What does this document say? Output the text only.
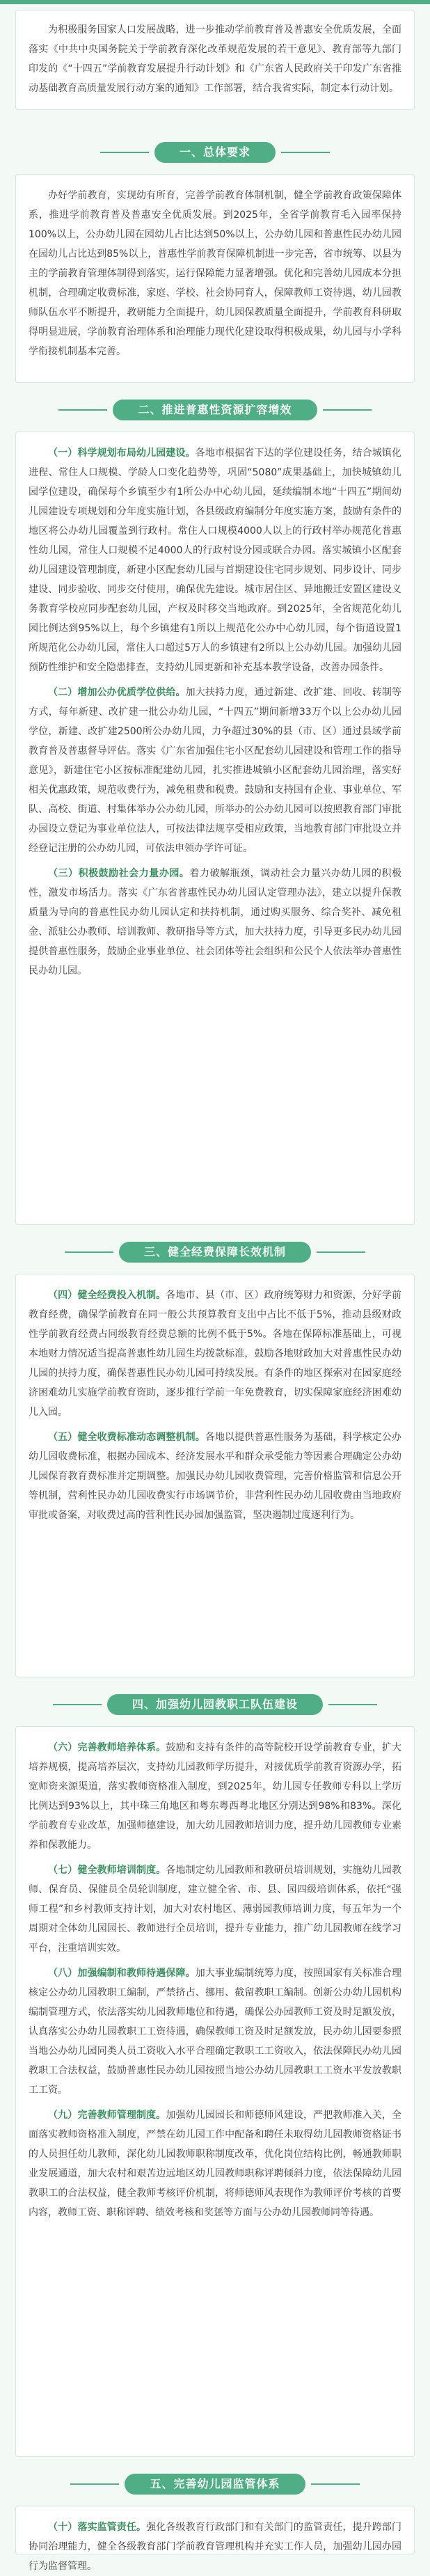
为积极服务国家人口发展战略，进一步推动学前教育普及普惠安全优质发展，全面落实《中共中央国务院关于学前教育深化改革规范发展的若干意见》、教育部等九部门印发的《“十四五”学前教育发展提升行动计划》和《广东省人民政府关于印发广东省推动基础教育高质量发展行动方案的通知》工作部署，结合我省实际，制定本行动计划。

一、总体要求

办好学前教育，实现幼有所育，完善学前教育体制机制，健全学前教育政策保障体系，推进学前教育普及普惠安全优质发展。到2025年，全省学前教育毛入园率保持100%以上，公办幼儿园在园幼儿占比达到50%以上，公办幼儿园和普惠性民办幼儿园在园幼儿占比达到85%以上，普惠性学前教育保障机制进一步完善，省市统筹、以县为主的学前教育管理体制得到落实，运行保障能力显著增强。优化和完善幼儿园成本分担机制，合理确定收费标准，家庭、学校、社会协同育人，保障教师工资待遇，幼儿园教师队伍水平不断提升，教研能力全面提升，幼儿园保教质量全面提升，学前教育科研取得明显进展，学前教育治理体系和治理能力现代化建设取得积极成果，幼儿园与小学科学衔接机制基本完善。

二、推进普惠性资源扩容增效

（一）科学规划布局幼儿园建设。各地市根据省下达的学位建设任务，结合城镇化进程、常住人口规模、学龄人口变化趋势等，巩固“5080”成果基础上，加快城镇幼儿园学位建设，确保每个乡镇至少有1所公办中心幼儿园，延续编制本地“十四五”期间幼儿园建设专项规划和分年度实施计划，各县级政府编制分年度实施方案，鼓励有条件的地区将公办幼儿园覆盖到行政村。常住人口规模4000人以上的行政村举办规范化普惠性幼儿园，常住人口规模不足4000人的行政村设分园或联合办园。落实城镇小区配套幼儿园建设管理制度，新建小区配套幼儿园与首期建设住宅同步规划、同步设计、同步建设、同步验收、同步交付使用，确保优先建设。城市居住区、异地搬迁安置区建设义务教育学校应同步配套幼儿园，产权及时移交当地政府。到2025年，全省规范化幼儿园比例达到95%以上，每个乡镇建有1所以上规范化公办中心幼儿园，每个街道设置1所规范化公办幼儿园，常住人口超过5万人的乡镇建有2所以上公办幼儿园。加强幼儿园预防性维护和安全隐患排查，支持幼儿园更新和补充基本教学设备，改善办园条件。

（二）增加公办优质学位供给。加大扶持力度，通过新建、改扩建、回收、转制等方式，每年新建、改扩建一批公办幼儿园，“十四五”期间新增33万个以上公办幼儿园学位，新建、改扩建2500所公办幼儿园，力争超过30%的县（市、区）通过县域学前教育普及普惠督导评估。落实《广东省加强住宅小区配套幼儿园建设和管理工作的指导意见》，新建住宅小区按标准配建幼儿园，扎实推进城镇小区配套幼儿园治理，落实好相关优惠政策，规范收费行为，减免租费和税费。鼓励和支持国有企业、事业单位、军队、高校、街道、村集体举办公办幼儿园，所举办的公办幼儿园可以按照教育部门审批办园设立登记为事业单位法人，可按法律法规享受相应政策，当地教育部门审批设立并经登记注册的公办幼儿园，可依法申领办学许可证。

（三）积极鼓励社会力量办园。着力破解瓶颈，调动社会力量兴办幼儿园的积极性，激发市场活力。落实《广东省普惠性民办幼儿园认定管理办法》，建立以提升保教质量为导向的普惠性民办幼儿园认定和扶持机制，通过购买服务、综合奖补、减免租金、派驻公办教师、培训教师、教研指导等方式，加大扶持力度，引导更多民办幼儿园提供普惠性服务，鼓励企业事业单位、社会团体等社会组织和公民个人依法举办普惠性民办幼儿园。

三、健全经费保障长效机制

（四）健全经费投入机制。各地市、县（市、区）政府统筹财力和资源，分好学前教育经费，确保学前教育在同一般公共预算教育支出中占比不低于5%，推动县级财政性学前教育经费占同级教育经费总额的比例不低于5%。各地在保障标准基础上，可视本地财力情况适当提高普惠性幼儿园生均拨款标准，鼓励各地财政加大对普惠性民办幼儿园的扶持力度，确保普惠性民办幼儿园可持续发展。有条件的地区探索对在园家庭经济困难幼儿实施学前教育资助，逐步推行学前一年免费教育，切实保障家庭经济困难幼儿入园。

（五）健全收费标准动态调整机制。各地以提供普惠性服务为基础，科学核定公办幼儿园收费标准，根据办园成本、经济发展水平和群众承受能力等因素合理确定公办幼儿园保育教育费标准并定期调整。加强民办幼儿园收费管理，完善价格监管和信息公开等机制，营利性民办幼儿园收费实行市场调节价，非营利性民办幼儿园收费由当地政府审批或备案，对收费过高的营利性民办园加强监管，坚决遏制过度逐利行为。

四、加强幼儿园教职工队伍建设

（六）完善教师培养体系。鼓励和支持有条件的高等院校开设学前教育专业，扩大培养规模，提高培养层次，支持幼儿园教师学历提升，对接优质学前教育资源办学，拓宽师资来源渠道，落实教师资格准入制度，到2025年，幼儿园专任教师专科以上学历比例达到93%以上，其中珠三角地区和粤东粤西粤北地区分别达到98%和83%。深化学前教育专业改革，加强师德建设，加大幼儿园教师培训力度，提升幼儿园教师专业素养和保教能力。

（七）健全教师培训制度。各地制定幼儿园教师和教研员培训规划，实施幼儿园教师、保育员、保健员全员轮训制度，建立健全省、市、县、园四级培训体系，依托“强师工程”和乡村教师支持计划，加大对农村地区、薄弱园教师培训力度，每五年为一个周期对全体幼儿园园长、教师进行全员培训，提升专业能力，推广幼儿园教师在线学习平台，注重培训实效。

（八）加强编制和教师待遇保障。加大事业编制统筹力度，按照国家有关标准合理核定公办幼儿园教职工编制，严禁挤占、挪用、截留教职工编制。创新公办幼儿园机构编制管理方式，依法落实幼儿园教师地位和待遇，确保公办园教师工资及时足额发放，认真落实公办幼儿园教职工工资待遇，确保教师工资及时足额发放，民办幼儿园要参照当地公办幼儿园同类人员工资收入水平合理确定教职工工资收入，依法保障民办幼儿园教职工合法权益，鼓励普惠性民办幼儿园按照当地公办幼儿园教职工工资水平发放教职工工资。

（九）完善教师管理制度。加强幼儿园园长和师德师风建设，严把教师准入关，全面落实教师资格准入制度，严禁在幼儿园工作中配备和聘任未取得幼儿园教师资格证书的人员担任幼儿教师，深化幼儿园教师职称制度改革，优化岗位结构比例，畅通教师职业发展通道，加大农村和艰苦边远地区幼儿园教师职称评聘倾斜力度，依法保障幼儿园教职工的合法权益，健全教师考核评价机制，将师德师风表现作为教师评价考核的首要内容，教师工资、职称评聘、绩效考核和奖惩等方面与公办幼儿园教师同等待遇。

五、完善幼儿园监管体系

（十）落实监管责任。强化各级教育行政部门和有关部门的监管责任，提升跨部门协同治理能力，健全各级教育部门学前教育管理机构并充实工作人员，加强幼儿园办园行为监督管理。
